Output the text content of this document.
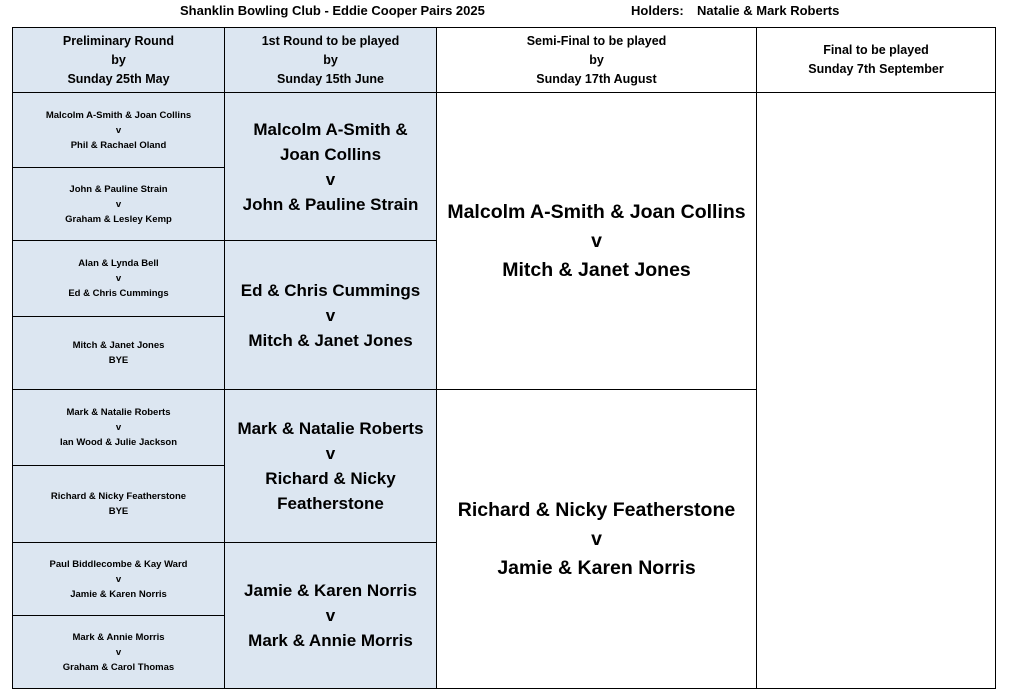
Shanklin Bowling Club - Eddie Cooper Pairs 2025	Holders: Natalie & Mark Roberts
Preliminary Round
by
Sunday 25th May
1st Round to be played
by
Sunday 15th June
Semi-Final to be played
by
Sunday 17th August
Final to be played
Sunday 7th September
Malcolm A-Smith & Joan Collins
v
Phil & Rachael Oland
John & Pauline Strain
v
Graham & Lesley Kemp
Alan & Lynda Bell
v
Ed & Chris Cummings
Mitch & Janet Jones
BYE
Mark & Natalie Roberts
v
Ian Wood & Julie Jackson
Richard & Nicky Featherstone
BYE
Paul Biddlecombe & Kay Ward
v
Jamie & Karen Norris
Mark & Annie Morris
v
Graham & Carol Thomas
Malcolm A-Smith &
Joan Collins
v
John & Pauline Strain
Ed & Chris Cummings
v
Mitch & Janet Jones
Mark & Natalie Roberts
v
Richard & Nicky
Featherstone
Jamie & Karen Norris
v
Mark & Annie Morris
Malcolm A-Smith & Joan Collins
v
Mitch & Janet Jones
Richard & Nicky Featherstone
v
Jamie & Karen Norris
